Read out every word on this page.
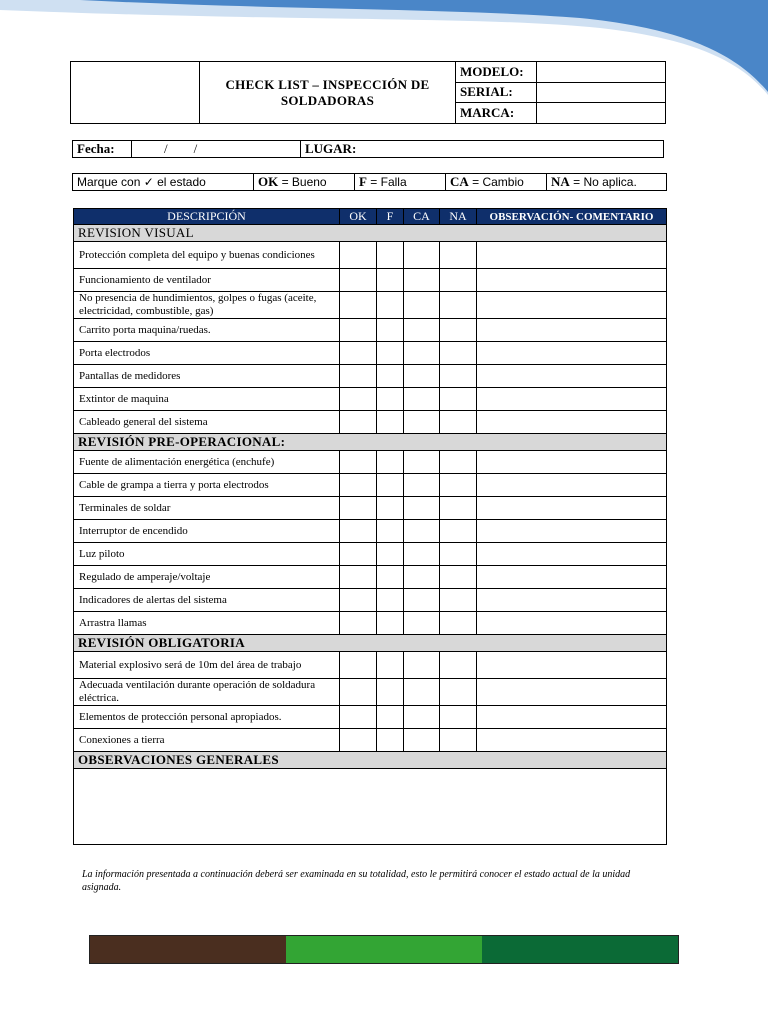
	CHECK LIST – INSPECCIÓN DE SOLDADORAS	MODELO:	
		SERIAL:	
		MARCA:	
Fecha:	/        /	LUGAR:
Marque con ✓ el estado	OK = Bueno	F = Falla	CA = Cambio	NA = No aplica.
DESCRIPCIÓN	OK	F	CA	NA	OBSERVACIÓN- COMENTARIO
REVISION VISUAL					
Protección completa del equipo y buenas condiciones					
Funcionamiento de ventilador					
No presencia de hundimientos, golpes o fugas (aceite, electricidad, combustible, gas)					
Carrito porta maquina/ruedas.					
Porta electrodos					
Pantallas de medidores					
Extintor de maquina					
Cableado general del sistema					
REVISIÓN PRE-OPERACIONAL:					
Fuente de alimentación energética (enchufe)					
Cable de grampa a tierra y porta electrodos					
Terminales de soldar					
Interruptor de encendido					
Luz piloto					
Regulado de amperaje/voltaje					
Indicadores de alertas del sistema					
Arrastra llamas					
REVISIÓN OBLIGATORIA					
Material explosivo será de 10m del área de trabajo					
Adecuada ventilación durante operación de soldadura eléctrica.					
Elementos de protección personal apropiados.					
Conexiones a tierra					
OBSERVACIONES GENERALES					

La información presentada a continuación deberá ser examinada en su totalidad, esto le permitirá conocer el estado actual de la unidad asignada.
